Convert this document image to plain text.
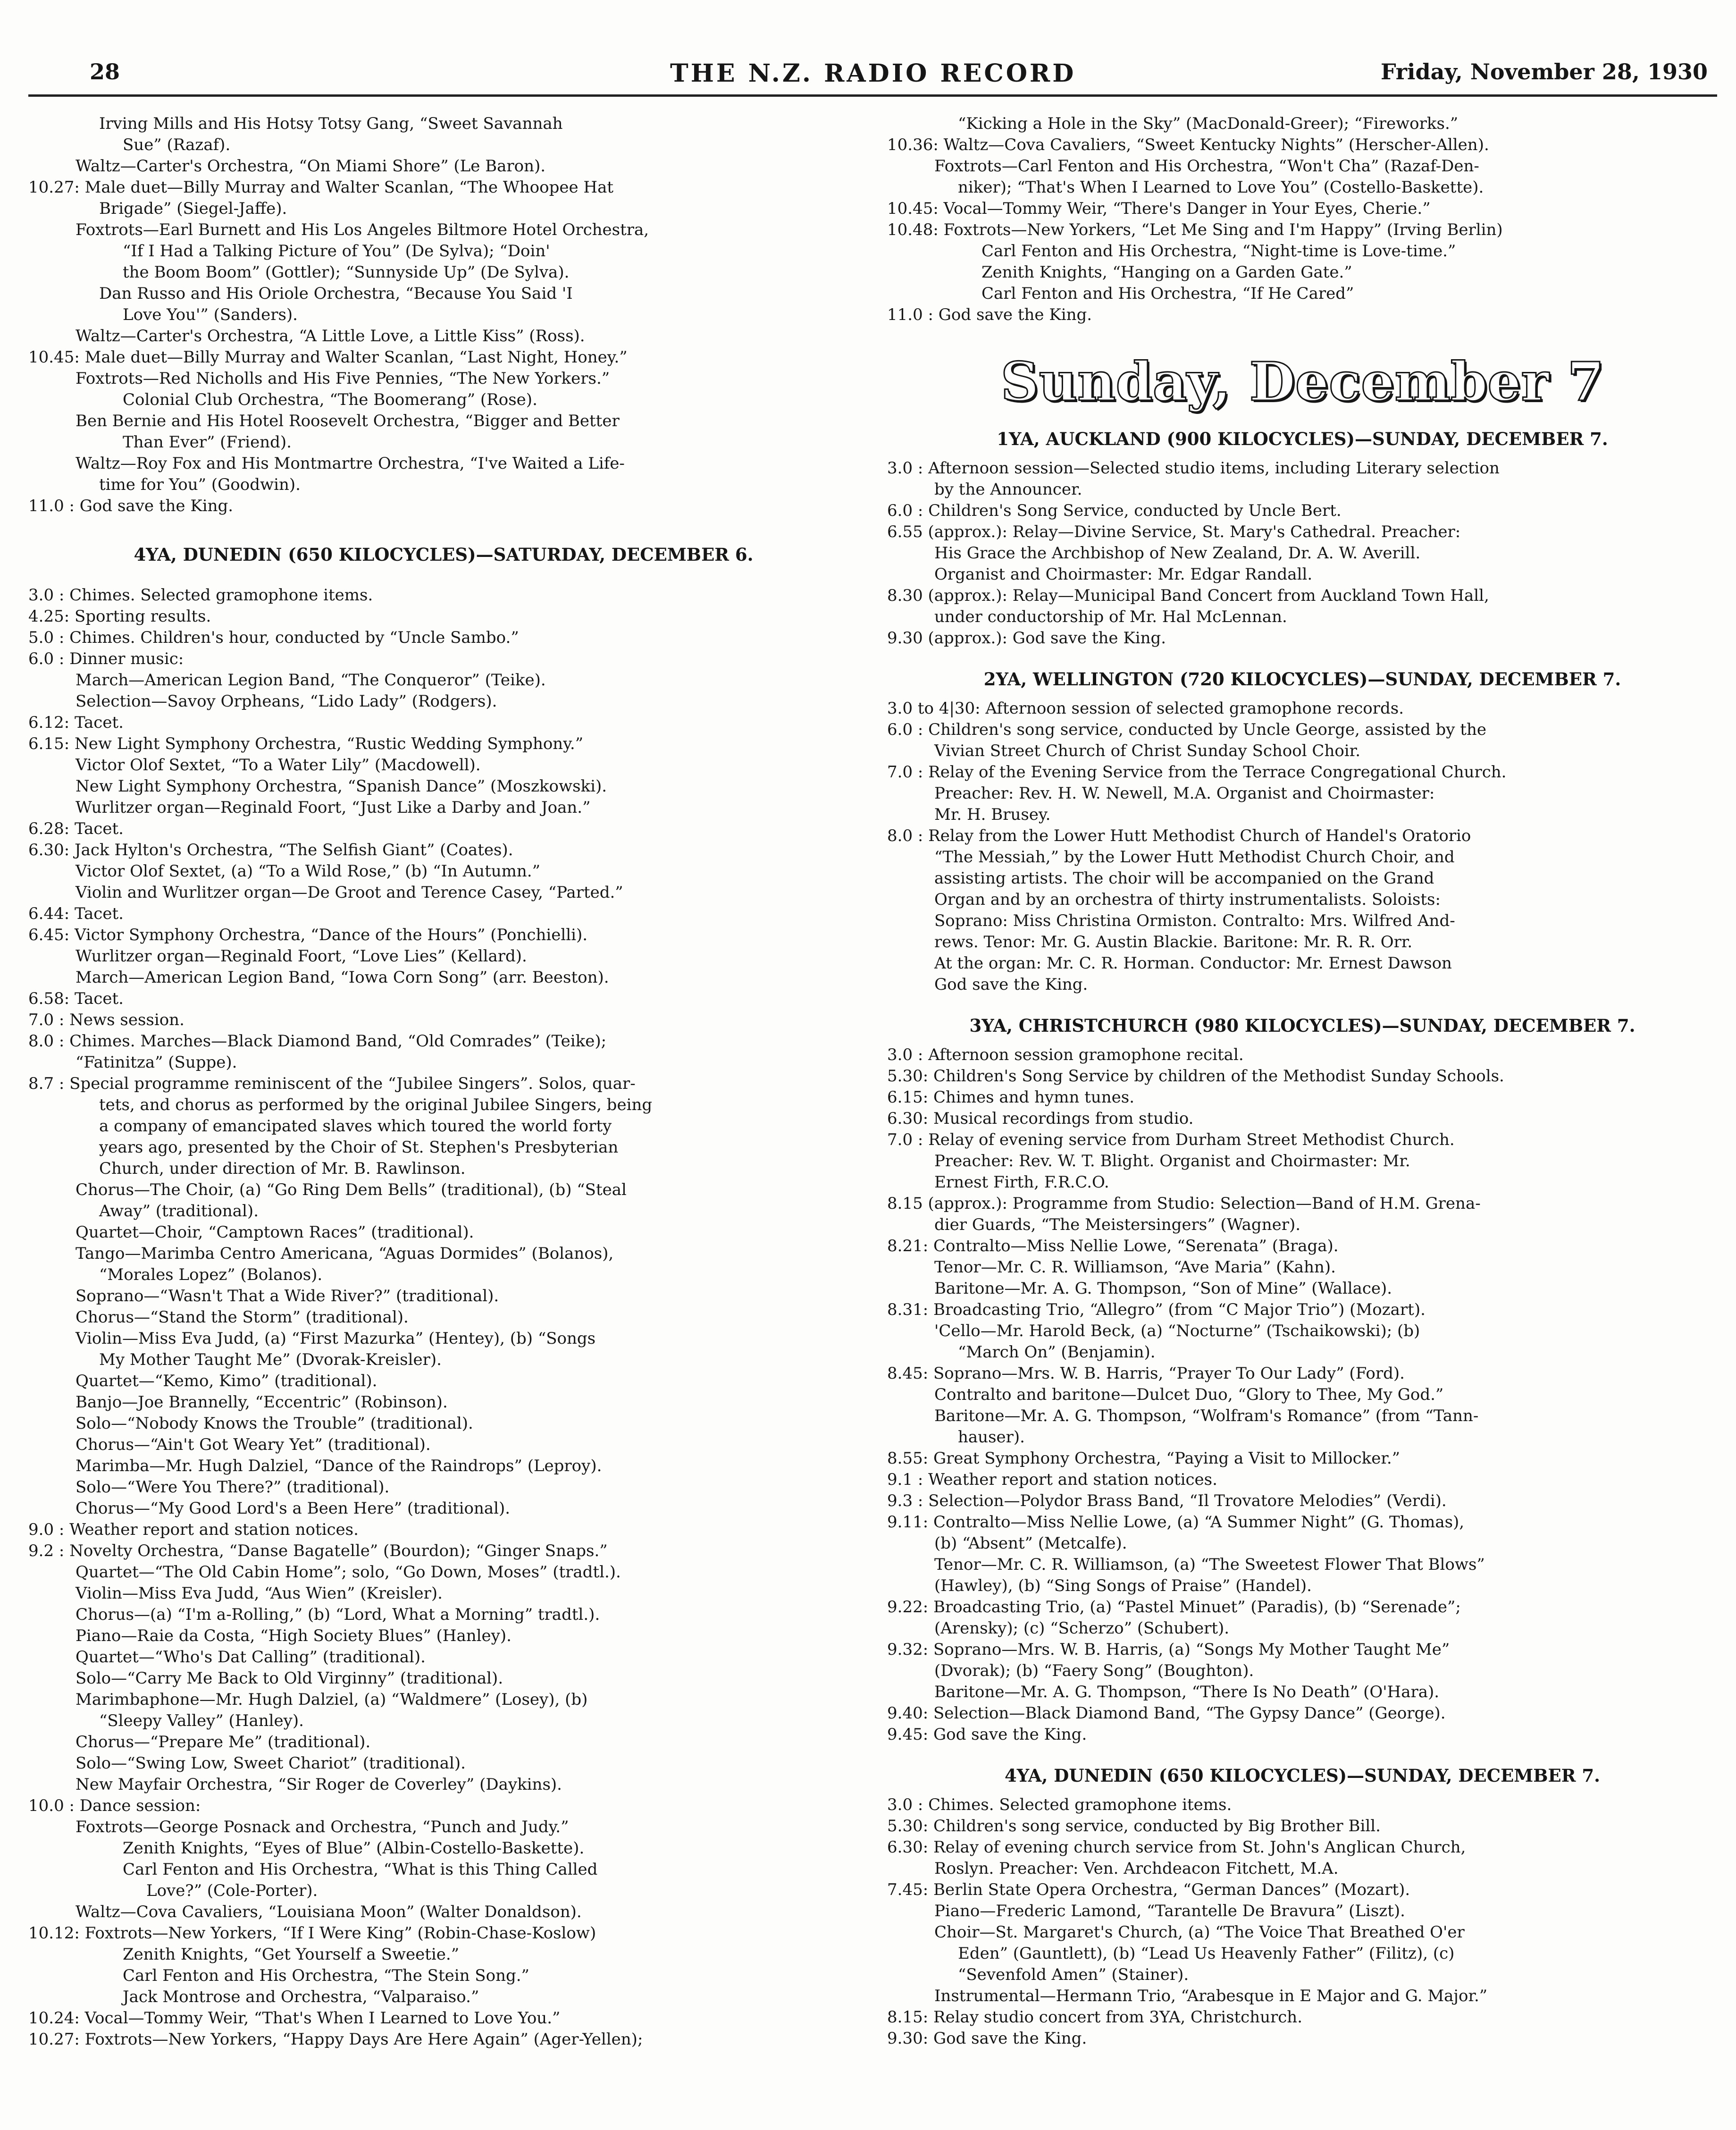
28	THE N.Z. RADIO RECORD	Friday, November 28, 1930
Irving Mills and His Hotsy Totsy Gang, “Sweet Savannah
Sue” (Razaf).
Waltz—Carter's Orchestra, “On Miami Shore” (Le Baron).
10.27: Male duet—Billy Murray and Walter Scanlan, “The Whoopee Hat
Brigade” (Siegel-Jaffe).
Foxtrots—Earl Burnett and His Los Angeles Biltmore Hotel Orchestra,
“If I Had a Talking Picture of You” (De Sylva); “Doin'
the Boom Boom” (Gottler); “Sunnyside Up” (De Sylva).
Dan Russo and His Oriole Orchestra, “Because You Said 'I
Love You'” (Sanders).
Waltz—Carter's Orchestra, “A Little Love, a Little Kiss” (Ross).
10.45: Male duet—Billy Murray and Walter Scanlan, “Last Night, Honey.”
Foxtrots—Red Nicholls and His Five Pennies, “The New Yorkers.”
Colonial Club Orchestra, “The Boomerang” (Rose).
Ben Bernie and His Hotel Roosevelt Orchestra, “Bigger and Better
Than Ever” (Friend).
Waltz—Roy Fox and His Montmartre Orchestra, “I've Waited a Life-
time for You” (Goodwin).
11.0 : God save the King.
4YA, DUNEDIN (650 KILOCYCLES)—SATURDAY, DECEMBER 6.
3.0 : Chimes. Selected gramophone items.
4.25: Sporting results.
5.0 : Chimes. Children's hour, conducted by “Uncle Sambo.”
6.0 : Dinner music:
March—American Legion Band, “The Conqueror” (Teike).
Selection—Savoy Orpheans, “Lido Lady” (Rodgers).
6.12: Tacet.
6.15: New Light Symphony Orchestra, “Rustic Wedding Symphony.”
Victor Olof Sextet, “To a Water Lily” (Macdowell).
New Light Symphony Orchestra, “Spanish Dance” (Moszkowski).
Wurlitzer organ—Reginald Foort, “Just Like a Darby and Joan.”
6.28: Tacet.
6.30: Jack Hylton's Orchestra, “The Selfish Giant” (Coates).
Victor Olof Sextet, (a) “To a Wild Rose,” (b) “In Autumn.”
Violin and Wurlitzer organ—De Groot and Terence Casey, “Parted.”
6.44: Tacet.
6.45: Victor Symphony Orchestra, “Dance of the Hours” (Ponchielli).
Wurlitzer organ—Reginald Foort, “Love Lies” (Kellard).
March—American Legion Band, “Iowa Corn Song” (arr. Beeston).
6.58: Tacet.
7.0 : News session.
8.0 : Chimes. Marches—Black Diamond Band, “Old Comrades” (Teike);
“Fatinitza” (Suppe).
8.7 : Special programme reminiscent of the “Jubilee Singers”. Solos, quar-
tets, and chorus as performed by the original Jubilee Singers, being
a company of emancipated slaves which toured the world forty
years ago, presented by the Choir of St. Stephen's Presbyterian
Church, under direction of Mr. B. Rawlinson.
Chorus—The Choir, (a) “Go Ring Dem Bells” (traditional), (b) “Steal
Away” (traditional).
Quartet—Choir, “Camptown Races” (traditional).
Tango—Marimba Centro Americana, “Aguas Dormides” (Bolanos),
“Morales Lopez” (Bolanos).
Soprano—“Wasn't That a Wide River?” (traditional).
Chorus—“Stand the Storm” (traditional).
Violin—Miss Eva Judd, (a) “First Mazurka” (Hentey), (b) “Songs
My Mother Taught Me” (Dvorak-Kreisler).
Quartet—“Kemo, Kimo” (traditional).
Banjo—Joe Brannelly, “Eccentric” (Robinson).
Solo—“Nobody Knows the Trouble” (traditional).
Chorus—“Ain't Got Weary Yet” (traditional).
Marimba—Mr. Hugh Dalziel, “Dance of the Raindrops” (Leproy).
Solo—“Were You There?” (traditional).
Chorus—“My Good Lord's a Been Here” (traditional).
9.0 : Weather report and station notices.
9.2 : Novelty Orchestra, “Danse Bagatelle” (Bourdon); “Ginger Snaps.”
Quartet—“The Old Cabin Home”; solo, “Go Down, Moses” (tradtl.).
Violin—Miss Eva Judd, “Aus Wien” (Kreisler).
Chorus—(a) “I'm a-Rolling,” (b) “Lord, What a Morning” tradtl.).
Piano—Raie da Costa, “High Society Blues” (Hanley).
Quartet—“Who's Dat Calling” (traditional).
Solo—“Carry Me Back to Old Virginny” (traditional).
Marimbaphone—Mr. Hugh Dalziel, (a) “Waldmere” (Losey), (b)
“Sleepy Valley” (Hanley).
Chorus—“Prepare Me” (traditional).
Solo—“Swing Low, Sweet Chariot” (traditional).
New Mayfair Orchestra, “Sir Roger de Coverley” (Daykins).
10.0 : Dance session:
Foxtrots—George Posnack and Orchestra, “Punch and Judy.”
Zenith Knights, “Eyes of Blue” (Albin-Costello-Baskette).
Carl Fenton and His Orchestra, “What is this Thing Called
Love?” (Cole-Porter).
Waltz—Cova Cavaliers, “Louisiana Moon” (Walter Donaldson).
10.12: Foxtrots—New Yorkers, “If I Were King” (Robin-Chase-Koslow)
Zenith Knights, “Get Yourself a Sweetie.”
Carl Fenton and His Orchestra, “The Stein Song.”
Jack Montrose and Orchestra, “Valparaiso.”
10.24: Vocal—Tommy Weir, “That's When I Learned to Love You.”
10.27: Foxtrots—New Yorkers, “Happy Days Are Here Again” (Ager-Yellen);
“Kicking a Hole in the Sky” (MacDonald-Greer); “Fireworks.”
10.36: Waltz—Cova Cavaliers, “Sweet Kentucky Nights” (Herscher-Allen).
Foxtrots—Carl Fenton and His Orchestra, “Won't Cha” (Razaf-Den-
niker); “That's When I Learned to Love You” (Costello-Baskette).
10.45: Vocal—Tommy Weir, “There's Danger in Your Eyes, Cherie.”
10.48: Foxtrots—New Yorkers, “Let Me Sing and I'm Happy” (Irving Berlin)
Carl Fenton and His Orchestra, “Night-time is Love-time.”
Zenith Knights, “Hanging on a Garden Gate.”
Carl Fenton and His Orchestra, “If He Cared”
11.0 : God save the King.
Sunday, December 7
1YA, AUCKLAND (900 KILOCYCLES)—SUNDAY, DECEMBER 7.
3.0 : Afternoon session—Selected studio items, including Literary selection
by the Announcer.
6.0 : Children's Song Service, conducted by Uncle Bert.
6.55 (approx.): Relay—Divine Service, St. Mary's Cathedral. Preacher:
His Grace the Archbishop of New Zealand, Dr. A. W. Averill.
Organist and Choirmaster: Mr. Edgar Randall.
8.30 (approx.): Relay—Municipal Band Concert from Auckland Town Hall,
under conductorship of Mr. Hal McLennan.
9.30 (approx.): God save the King.
2YA, WELLINGTON (720 KILOCYCLES)—SUNDAY, DECEMBER 7.
3.0 to 4|30: Afternoon session of selected gramophone records.
6.0 : Children's song service, conducted by Uncle George, assisted by the
Vivian Street Church of Christ Sunday School Choir.
7.0 : Relay of the Evening Service from the Terrace Congregational Church.
Preacher: Rev. H. W. Newell, M.A. Organist and Choirmaster:
Mr. H. Brusey.
8.0 : Relay from the Lower Hutt Methodist Church of Handel's Oratorio
“The Messiah,” by the Lower Hutt Methodist Church Choir, and
assisting artists. The choir will be accompanied on the Grand
Organ and by an orchestra of thirty instrumentalists. Soloists:
Soprano: Miss Christina Ormiston. Contralto: Mrs. Wilfred And-
rews. Tenor: Mr. G. Austin Blackie. Baritone: Mr. R. R. Orr.
At the organ: Mr. C. R. Horman. Conductor: Mr. Ernest Dawson
God save the King.
3YA, CHRISTCHURCH (980 KILOCYCLES)—SUNDAY, DECEMBER 7.
3.0 : Afternoon session gramophone recital.
5.30: Children's Song Service by children of the Methodist Sunday Schools.
6.15: Chimes and hymn tunes.
6.30: Musical recordings from studio.
7.0 : Relay of evening service from Durham Street Methodist Church.
Preacher: Rev. W. T. Blight. Organist and Choirmaster: Mr.
Ernest Firth, F.R.C.O.
8.15 (approx.): Programme from Studio: Selection—Band of H.M. Grena-
dier Guards, “The Meistersingers” (Wagner).
8.21: Contralto—Miss Nellie Lowe, “Serenata” (Braga).
Tenor—Mr. C. R. Williamson, “Ave Maria” (Kahn).
Baritone—Mr. A. G. Thompson, “Son of Mine” (Wallace).
8.31: Broadcasting Trio, “Allegro” (from “C Major Trio”) (Mozart).
'Cello—Mr. Harold Beck, (a) “Nocturne” (Tschaikowski); (b)
“March On” (Benjamin).
8.45: Soprano—Mrs. W. B. Harris, “Prayer To Our Lady” (Ford).
Contralto and baritone—Dulcet Duo, “Glory to Thee, My God.”
Baritone—Mr. A. G. Thompson, “Wolfram's Romance” (from “Tann-
hauser).
8.55: Great Symphony Orchestra, “Paying a Visit to Millocker.”
9.1 : Weather report and station notices.
9.3 : Selection—Polydor Brass Band, “Il Trovatore Melodies” (Verdi).
9.11: Contralto—Miss Nellie Lowe, (a) “A Summer Night” (G. Thomas),
(b) “Absent” (Metcalfe).
Tenor—Mr. C. R. Williamson, (a) “The Sweetest Flower That Blows”
(Hawley), (b) “Sing Songs of Praise” (Handel).
9.22: Broadcasting Trio, (a) “Pastel Minuet” (Paradis), (b) “Serenade”;
(Arensky); (c) “Scherzo” (Schubert).
9.32: Soprano—Mrs. W. B. Harris, (a) “Songs My Mother Taught Me”
(Dvorak); (b) “Faery Song” (Boughton).
Baritone—Mr. A. G. Thompson, “There Is No Death” (O'Hara).
9.40: Selection—Black Diamond Band, “The Gypsy Dance” (George).
9.45: God save the King.
4YA, DUNEDIN (650 KILOCYCLES)—SUNDAY, DECEMBER 7.
3.0 : Chimes. Selected gramophone items.
5.30: Children's song service, conducted by Big Brother Bill.
6.30: Relay of evening church service from St. John's Anglican Church,
Roslyn. Preacher: Ven. Archdeacon Fitchett, M.A.
7.45: Berlin State Opera Orchestra, “German Dances” (Mozart).
Piano—Frederic Lamond, “Tarantelle De Bravura” (Liszt).
Choir—St. Margaret's Church, (a) “The Voice That Breathed O'er
Eden” (Gauntlett), (b) “Lead Us Heavenly Father” (Filitz), (c)
“Sevenfold Amen” (Stainer).
Instrumental—Hermann Trio, “Arabesque in E Major and G. Major.”
8.15: Relay studio concert from 3YA, Christchurch.
9.30: God save the King.
